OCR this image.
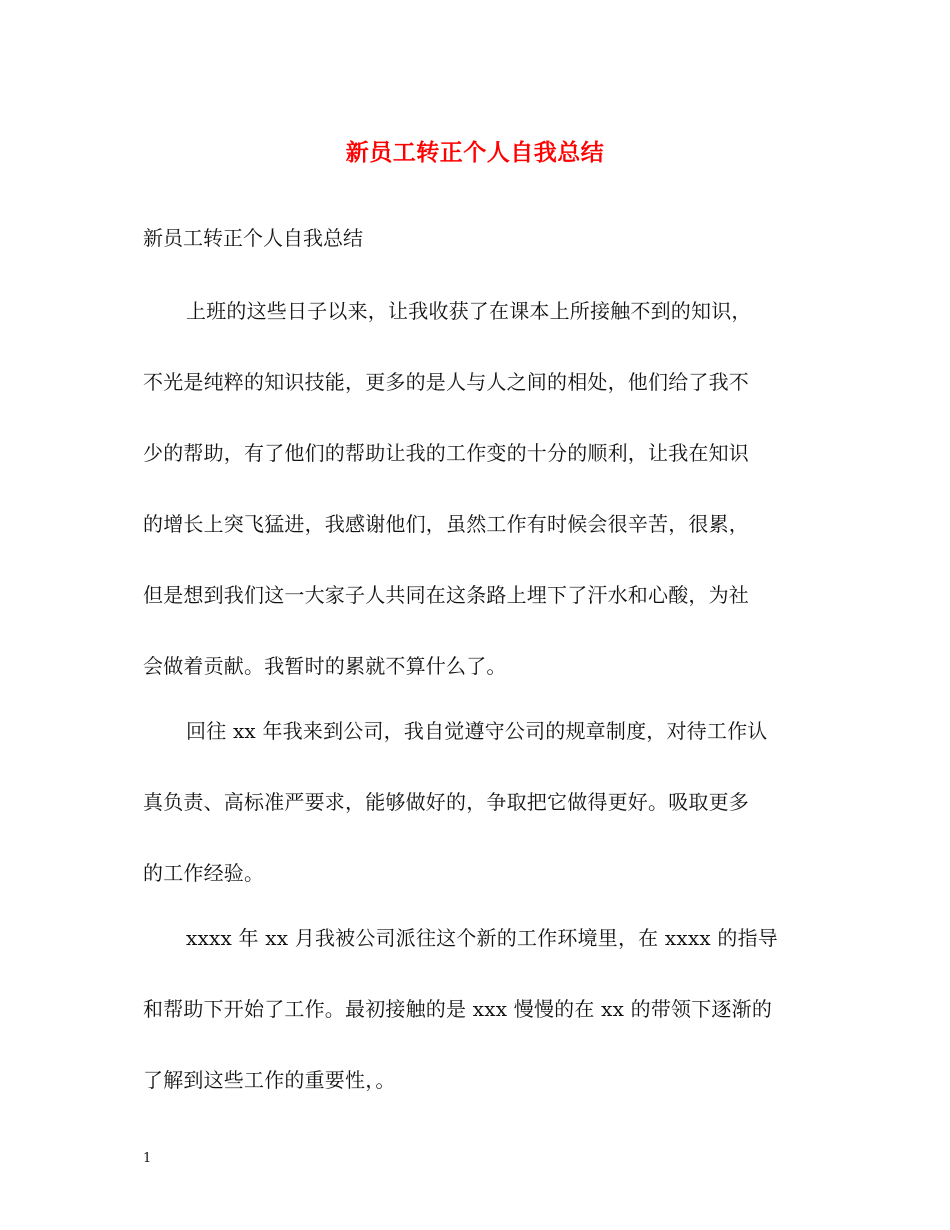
新员工转正个人自我总结
新员工转正个人自我总结
上班的这些日子以来，让我收获了在课本上所接触不到的知识，
不光是纯粹的知识技能，更多的是人与人之间的相处，他们给了我不
少的帮助，有了他们的帮助让我的工作变的十分的顺利，让我在知识
的增长上突飞猛进，我感谢他们，虽然工作有时候会很辛苦，很累，
但是想到我们这一大家子人共同在这条路上埋下了汗水和心酸，为社
会做着贡献。我暂时的累就不算什么了。
回往 xx 年我来到公司，我自觉遵守公司的规章制度，对待工作认
真负责、高标准严要求，能够做好的，争取把它做得更好。吸取更多
的工作经验。
xxxx 年 xx 月我被公司派往这个新的工作环境里，在 xxxx 的指导
和帮助下开始了工作。最初接触的是 xxx 慢慢的在 xx 的带领下逐渐的
了解到这些工作的重要性，。
1
